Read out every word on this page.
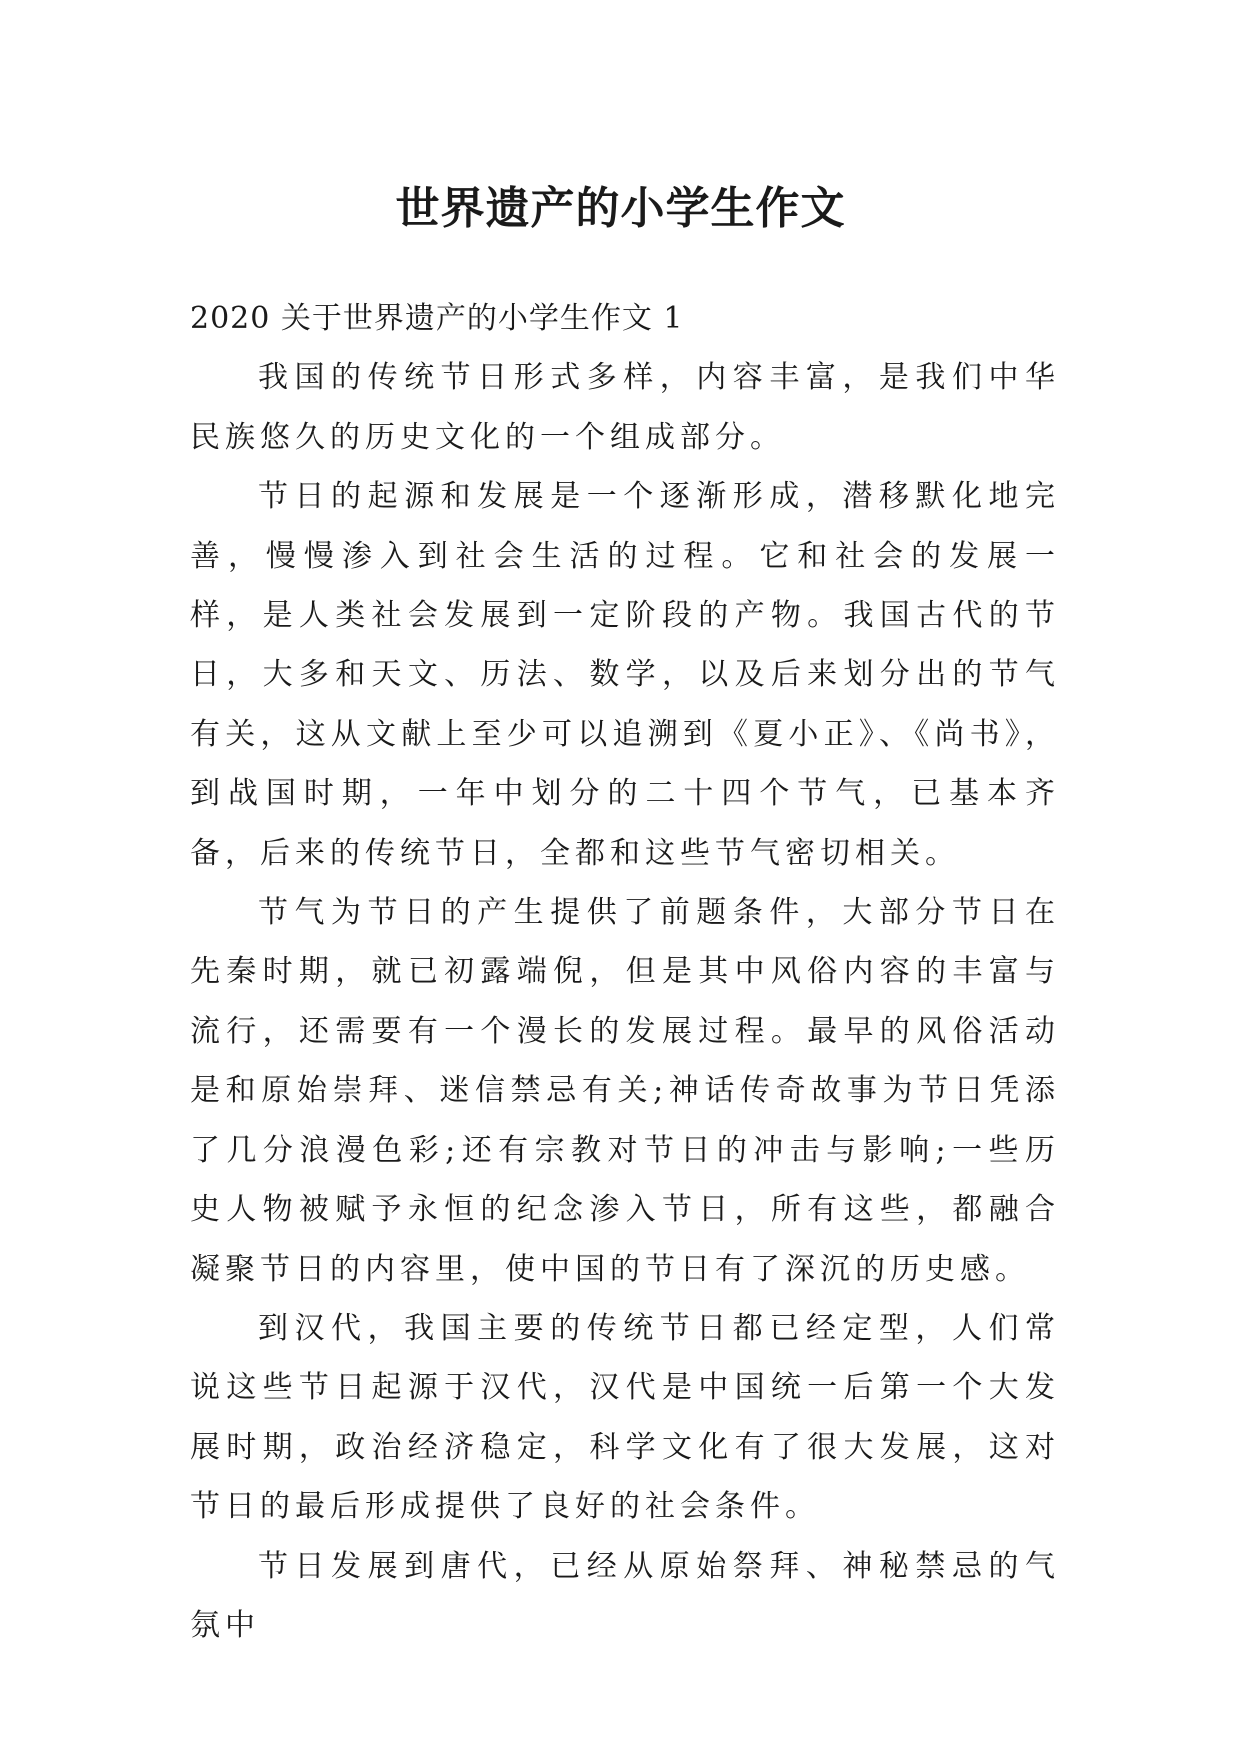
世界遗产的小学生作文

2020 关于世界遗产的小学生作文 1

我国的传统节日形式多样，内容丰富，是我们中华民族悠久的历史文化的一个组成部分。

节日的起源和发展是一个逐渐形成，潜移默化地完善，慢慢渗入到社会生活的过程。它和社会的发展一样，是人类社会发展到一定阶段的产物。我国古代的节日，大多和天文、历法、数学，以及后来划分出的节气有关，这从文献上至少可以追溯到《夏小正》、《尚书》，到战国时期，一年中划分的二十四个节气，已基本齐备，后来的传统节日，全都和这些节气密切相关。

节气为节日的产生提供了前题条件，大部分节日在先秦时期，就已初露端倪，但是其中风俗内容的丰富与流行，还需要有一个漫长的发展过程。最早的风俗活动是和原始崇拜、迷信禁忌有关;神话传奇故事为节日凭添了几分浪漫色彩;还有宗教对节日的冲击与影响;一些历史人物被赋予永恒的纪念渗入节日，所有这些，都融合凝聚节日的内容里，使中国的节日有了深沉的历史感。

到汉代，我国主要的传统节日都已经定型，人们常说这些节日起源于汉代，汉代是中国统一后第一个大发展时期，政治经济稳定，科学文化有了很大发展，这对节日的最后形成提供了良好的社会条件。

节日发展到唐代，已经从原始祭拜、神秘禁忌的气氛中
